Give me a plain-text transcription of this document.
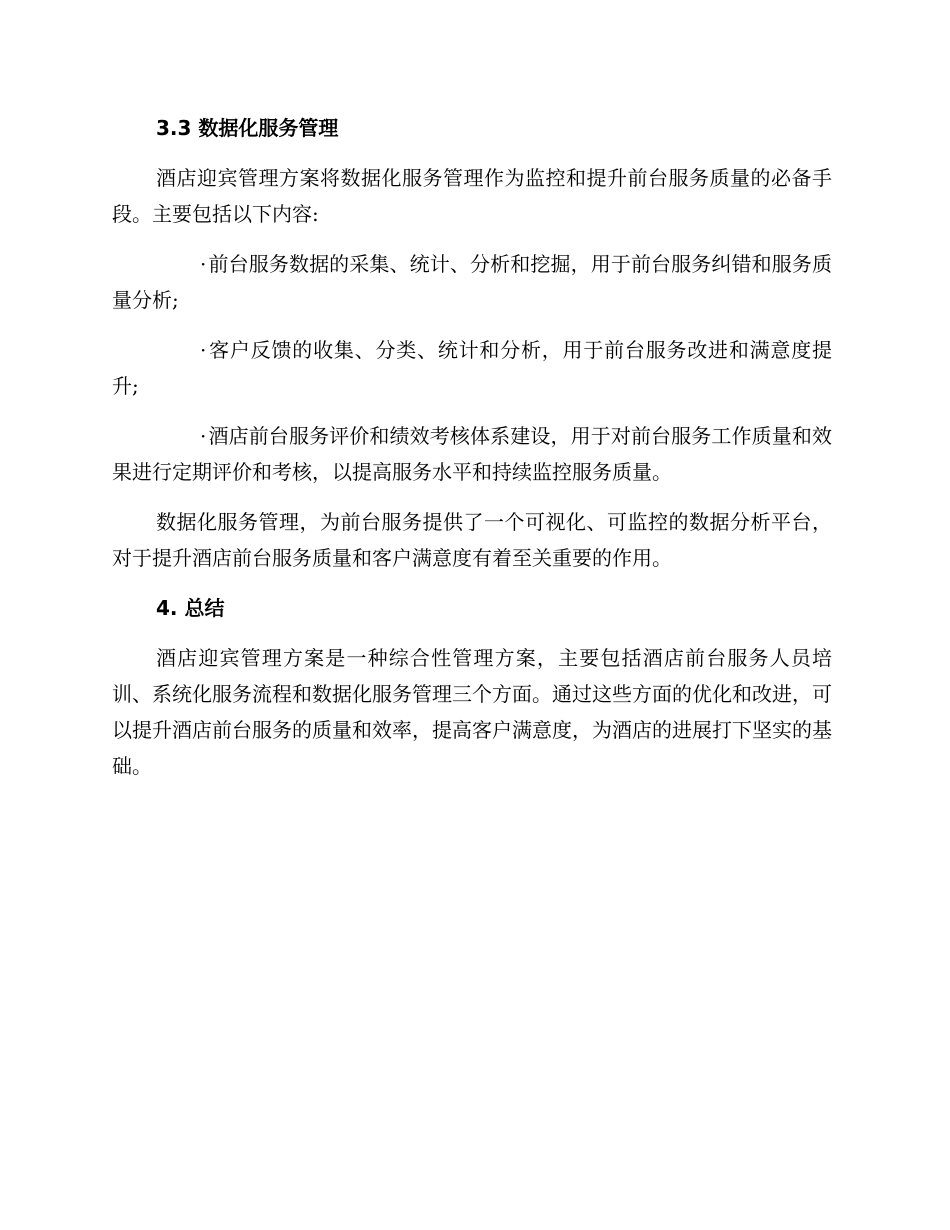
3.3 数据化服务管理

酒店迎宾管理方案将数据化服务管理作为监控和提升前台服务质量的必备手段。主要包括以下内容:

· 前台服务数据的采集、统计、分析和挖掘，用于前台服务纠错和服务质量分析;

· 客户反馈的收集、分类、统计和分析，用于前台服务改进和满意度提升;

· 酒店前台服务评价和绩效考核体系建设，用于对前台服务工作质量和效果进行定期评价和考核，以提高服务水平和持续监控服务质量。

数据化服务管理，为前台服务提供了一个可视化、可监控的数据分析平台，对于提升酒店前台服务质量和客户满意度有着至关重要的作用。

4. 总结

酒店迎宾管理方案是一种综合性管理方案，主要包括酒店前台服务人员培训、系统化服务流程和数据化服务管理三个方面。通过这些方面的优化和改进，可以提升酒店前台服务的质量和效率，提高客户满意度，为酒店的进展打下坚实的基础。
